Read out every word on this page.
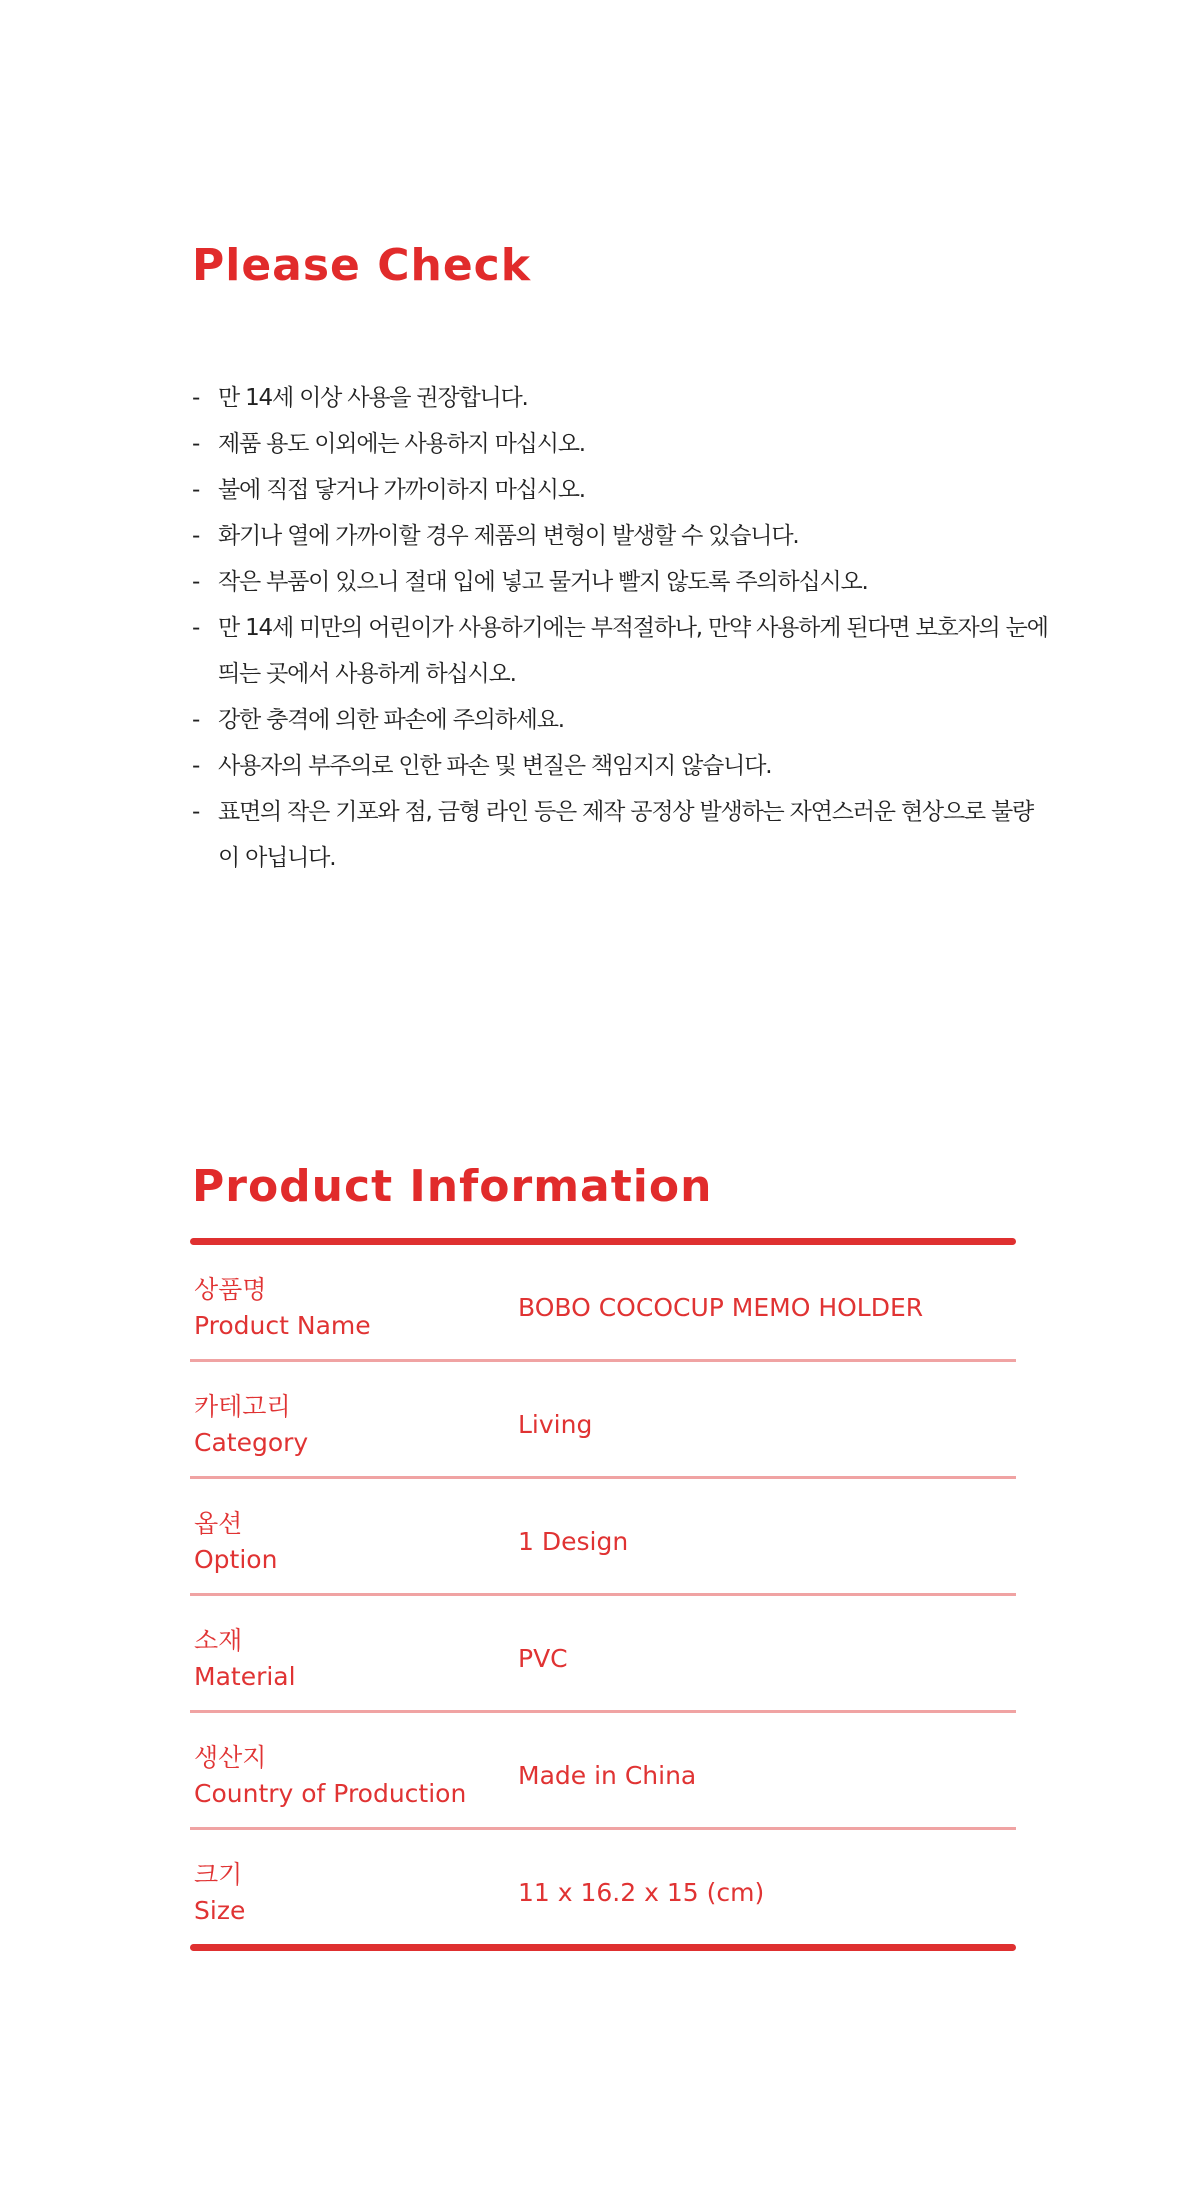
Please Check
- 만 14세 이상 사용을 권장합니다.
- 제품 용도 이외에는 사용하지 마십시오.
- 불에 직접 닿거나 가까이하지 마십시오.
- 화기나 열에 가까이할 경우 제품의 변형이 발생할 수 있습니다.
- 작은 부품이 있으니 절대 입에 넣고 물거나 빨지 않도록 주의하십시오.
- 만 14세 미만의 어린이가 사용하기에는 부적절하나, 만약 사용하게 된다면 보호자의 눈에 띄는 곳에서 사용하게 하십시오.
- 강한 충격에 의한 파손에 주의하세요.
- 사용자의 부주의로 인한 파손 및 변질은 책임지지 않습니다.
- 표면의 작은 기포와 점, 금형 라인 등은 제작 공정상 발생하는 자연스러운 현상으로 불량이 아닙니다.
Product Information
상품명
Product Name
BOBO COCOCUP MEMO HOLDER
카테고리
Category
Living
옵션
Option
1 Design
소재
Material
PVC
생산지
Country of Production
Made in China
크기
Size
11 x 16.2 x 15 (cm)
